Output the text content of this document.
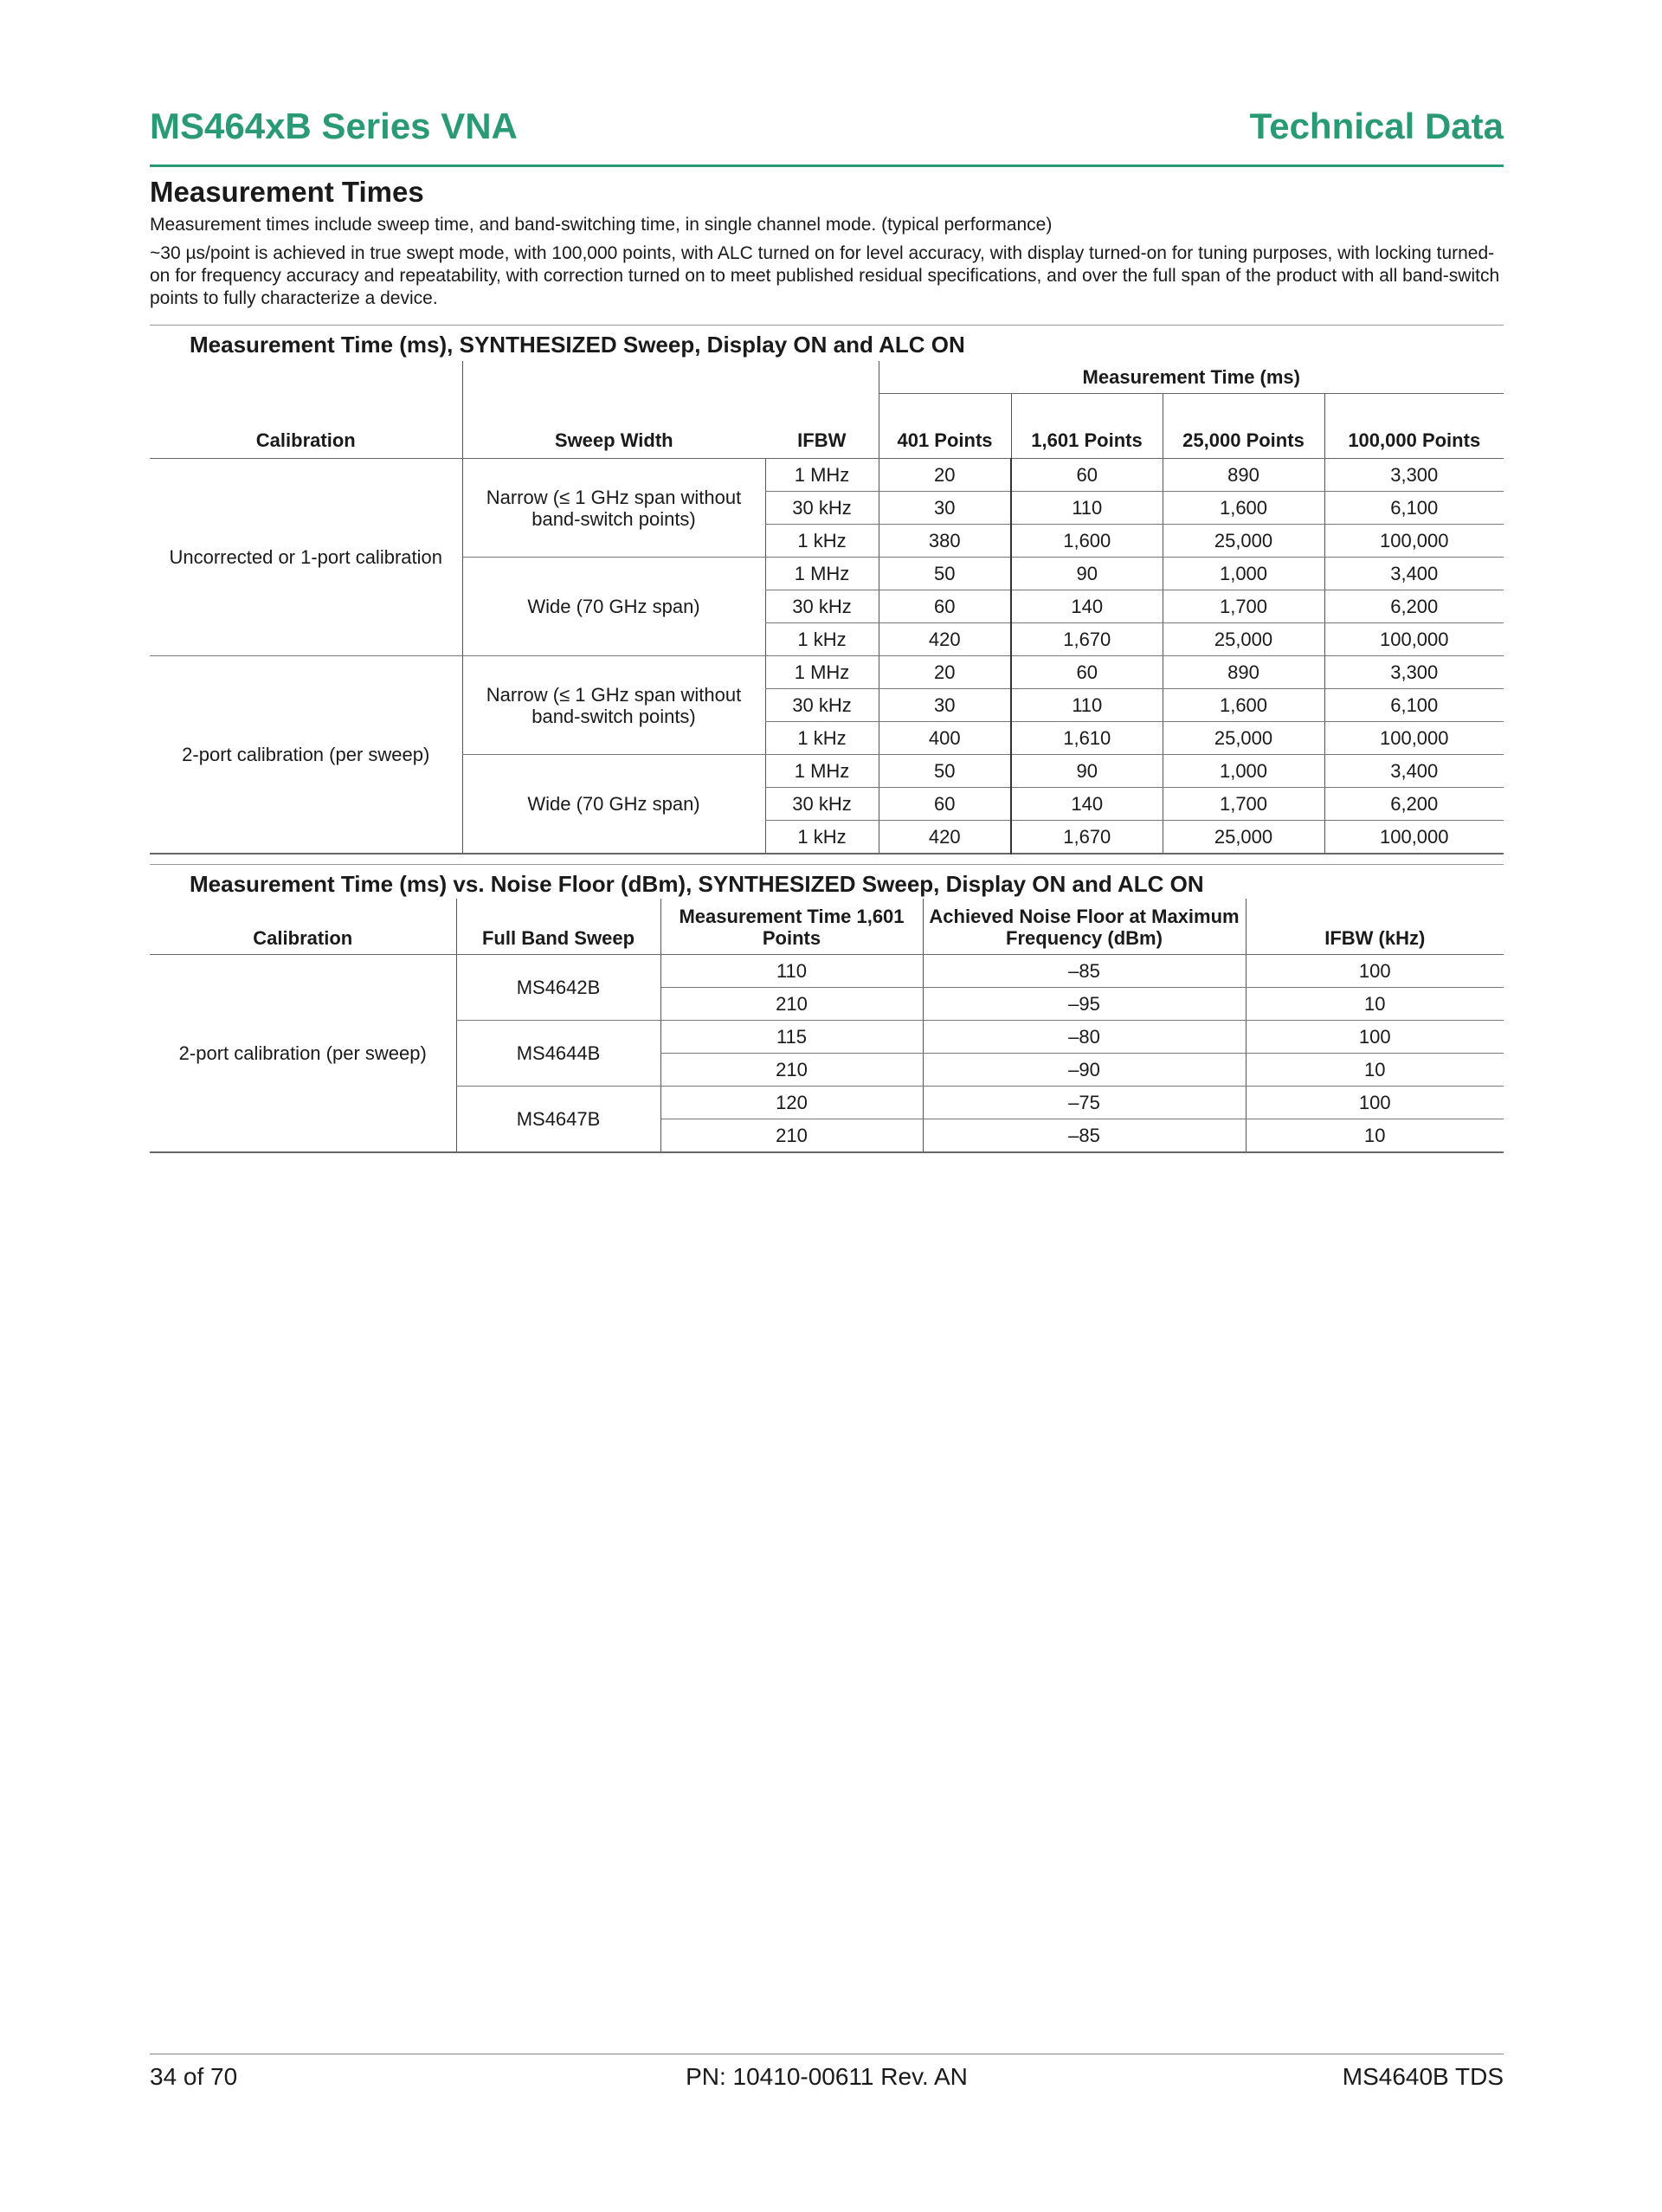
MS464xB Series VNA	Technical Data
Measurement Times

Measurement times include sweep time, and band-switching time, in single channel mode. (typical performance)

~30 µs/point is achieved in true swept mode, with 100,000 points, with ALC turned on for level accuracy, with display turned-on for tuning purposes, with locking turned-on for frequency accuracy and repeatability, with correction turned on to meet published residual specifications, and over the full span of the product with all band-switch points to fully characterize a device.

Measurement Time (ms), SYNTHESIZED Sweep, Display ON and ALC ON
			Measurement Time (ms)			
Calibration	Sweep Width	IFBW	401 Points	1,601 Points	25,000 Points	100,000 Points
Uncorrected or 1-port calibration	Narrow (≤ 1 GHz span without band-switch points)	1 MHz	20	60	890	3,300
		30 kHz	30	110	1,600	6,100
		1 kHz	380	1,600	25,000	100,000
	Wide (70 GHz span)	1 MHz	50	90	1,000	3,400
		30 kHz	60	140	1,700	6,200
		1 kHz	420	1,670	25,000	100,000
2-port calibration (per sweep)	Narrow (≤ 1 GHz span without band-switch points)	1 MHz	20	60	890	3,300
		30 kHz	30	110	1,600	6,100
		1 kHz	400	1,610	25,000	100,000
	Wide (70 GHz span)	1 MHz	50	90	1,000	3,400
		30 kHz	60	140	1,700	6,200
		1 kHz	420	1,670	25,000	100,000
Measurement Time (ms) vs. Noise Floor (dBm), SYNTHESIZED Sweep, Display ON and ALC ON
Calibration	Full Band Sweep	Measurement Time 1,601 Points	Achieved Noise Floor at Maximum Frequency (dBm)	IFBW (kHz)
2-port calibration (per sweep)	MS4642B	110	–85	100
		210	–95	10
	MS4644B	115	–80	100
		210	–90	10
	MS4647B	120	–75	100
		210	–85	10
34 of 70	PN: 10410-00611 Rev. AN	MS4640B TDS
